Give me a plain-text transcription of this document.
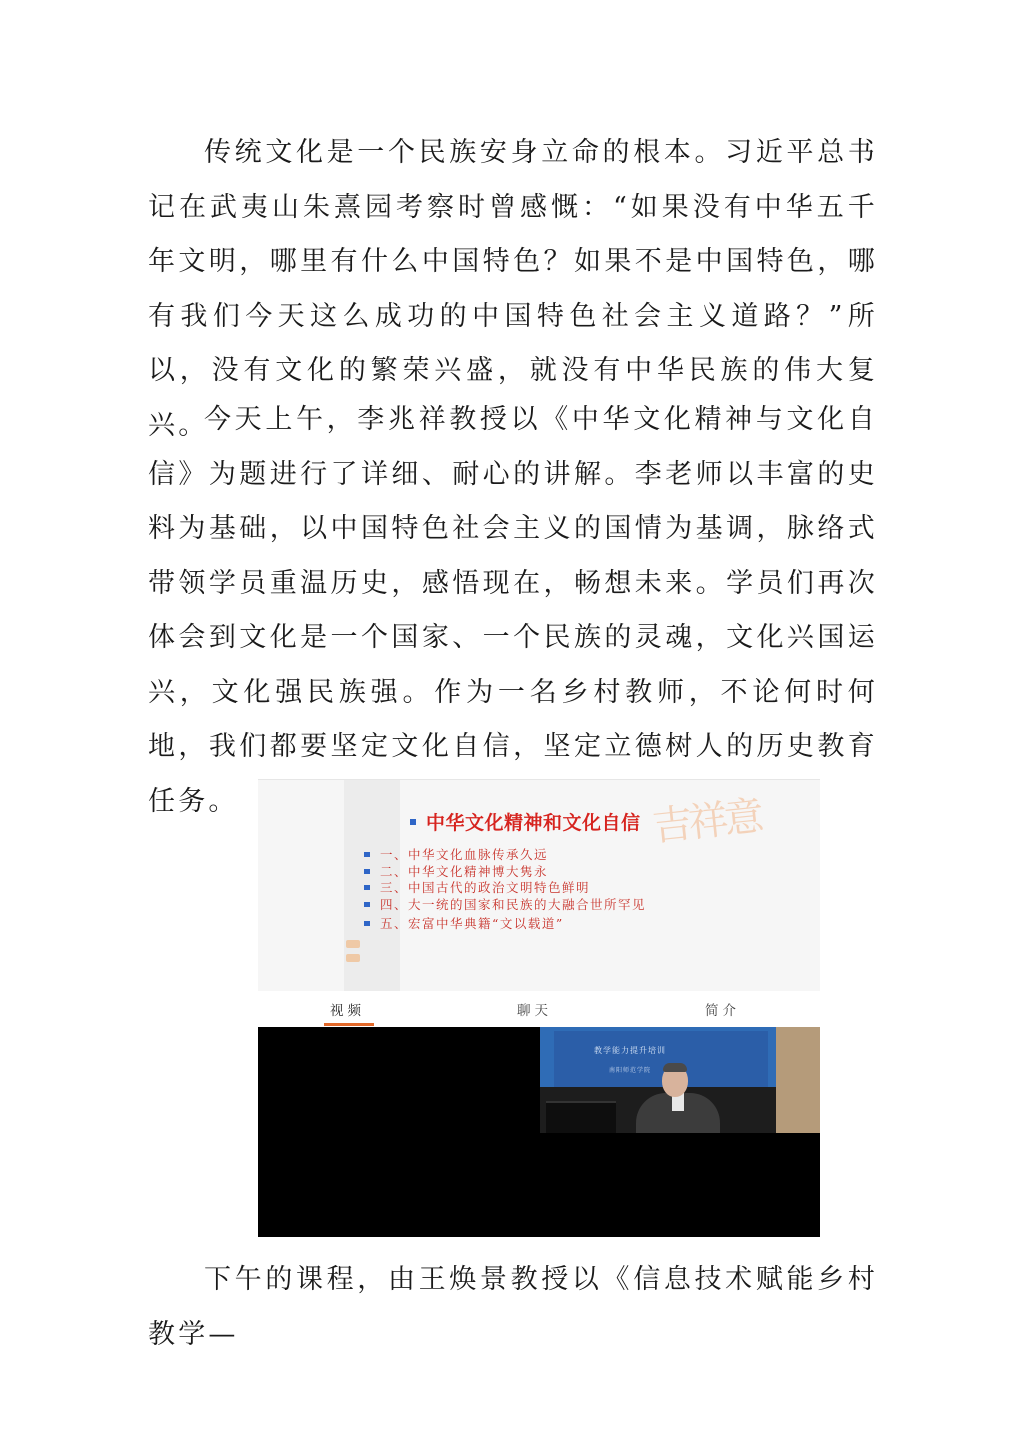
传统文化是一个民族安身立命的根本。习近平总书记在武夷山朱熹园考察时曾感慨：“如果没有中华五千年文明，哪里有什么中国特色？如果不是中国特色，哪有我们今天这么成功的中国特色社会主义道路？”所以，没有文化的繁荣兴盛，就没有中华民族的伟大复兴。

今天上午，李兆祥教授以《中华文化精神与文化自信》为题进行了详细、耐心的讲解。李老师以丰富的史料为基础，以中国特色社会主义的国情为基调，脉络式带领学员重温历史，感悟现在，畅想未来。学员们再次体会到文化是一个国家、一个民族的灵魂，文化兴国运兴，文化强民族强。作为一名乡村教师，不论何时何地，我们都要坚定文化自信，坚定立德树人的历史教育任务。	吉祥意
中华文化精神和文化自信
一、中华文化血脉传承久远
二、中华文化精神博大隽永
三、中国古代的政治文明特色鲜明
四、大一统的国家和民族的大融合世所罕见
五、宏富中华典籍“文以载道”
视频	聊天	简介
教学能力提升培训
南阳师范学院

下午的课程，由王焕景教授以《信息技术赋能乡村教学—
